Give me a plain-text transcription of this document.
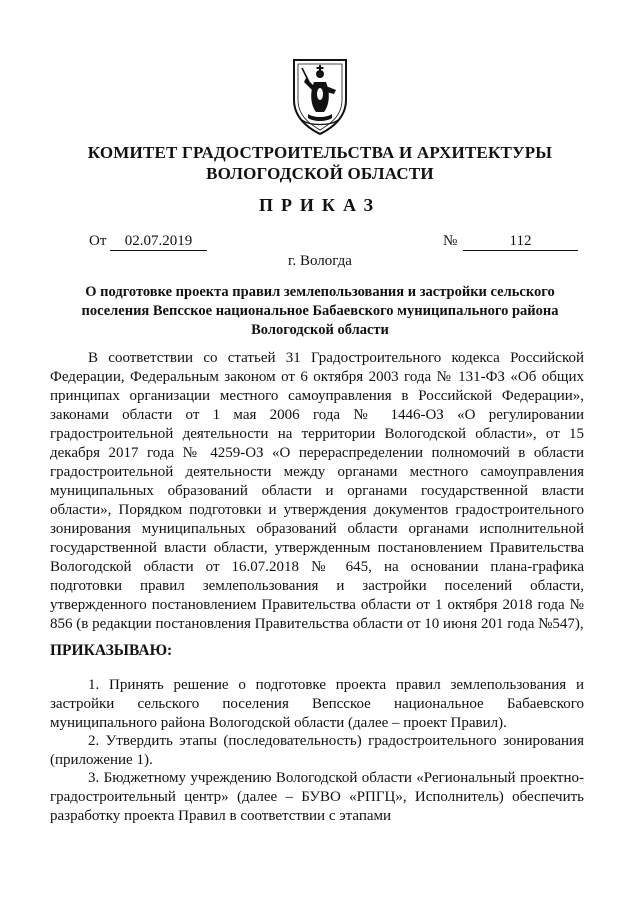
КОМИТЕТ ГРАДОСТРОИТЕЛЬСТВА И АРХИТЕКТУРЫ
ВОЛОГОДСКОЙ ОБЛАСТИ
ПРИКАЗ
От	02.07.2019	№	112
г. Вологда
О подготовке проекта правил землепользования и застройки сельского поселения Вепсское национальное Бабаевского муниципального района Вологодской области
В соответствии со статьей 31 Градостроительного кодекса Российской Федерации, Федеральным законом от 6 октября 2003 года № 131-ФЗ «Об общих принципах организации местного самоуправления в Российской Федерации», законами области от 1 мая 2006 года № 1446-ОЗ «О регулировании градостроительной деятельности на территории Вологодской области», от 15 декабря 2017 года № 4259-ОЗ «О перераспределении полномочий в области градостроительной деятельности между органами местного самоуправления муниципальных образований области и органами государственной власти области», Порядком подготовки и утверждения документов градостроительного зонирования муниципальных образований области органами исполнительной государственной власти области, утвержденным постановлением Правительства Вологодской области от 16.07.2018 № 645, на основании плана-графика подготовки правил землепользования и застройки поселений области, утвержденного постановлением Правительства области от 1 октября 2018 года № 856 (в редакции постановления Правительства области от 10 июня 201 года №547),
ПРИКАЗЫВАЮ:
1. Принять решение о подготовке проекта правил землепользования и застройки сельского поселения Вепсское национальное Бабаевского муниципального района Вологодской области (далее – проект Правил).
2. Утвердить этапы (последовательность) градостроительного зонирования (приложение 1).
3. Бюджетному учреждению Вологодской области «Региональный проектно-градостроительный центр» (далее – БУВО «РПГЦ», Исполнитель) обеспечить разработку проекта Правил в соответствии с этапами
